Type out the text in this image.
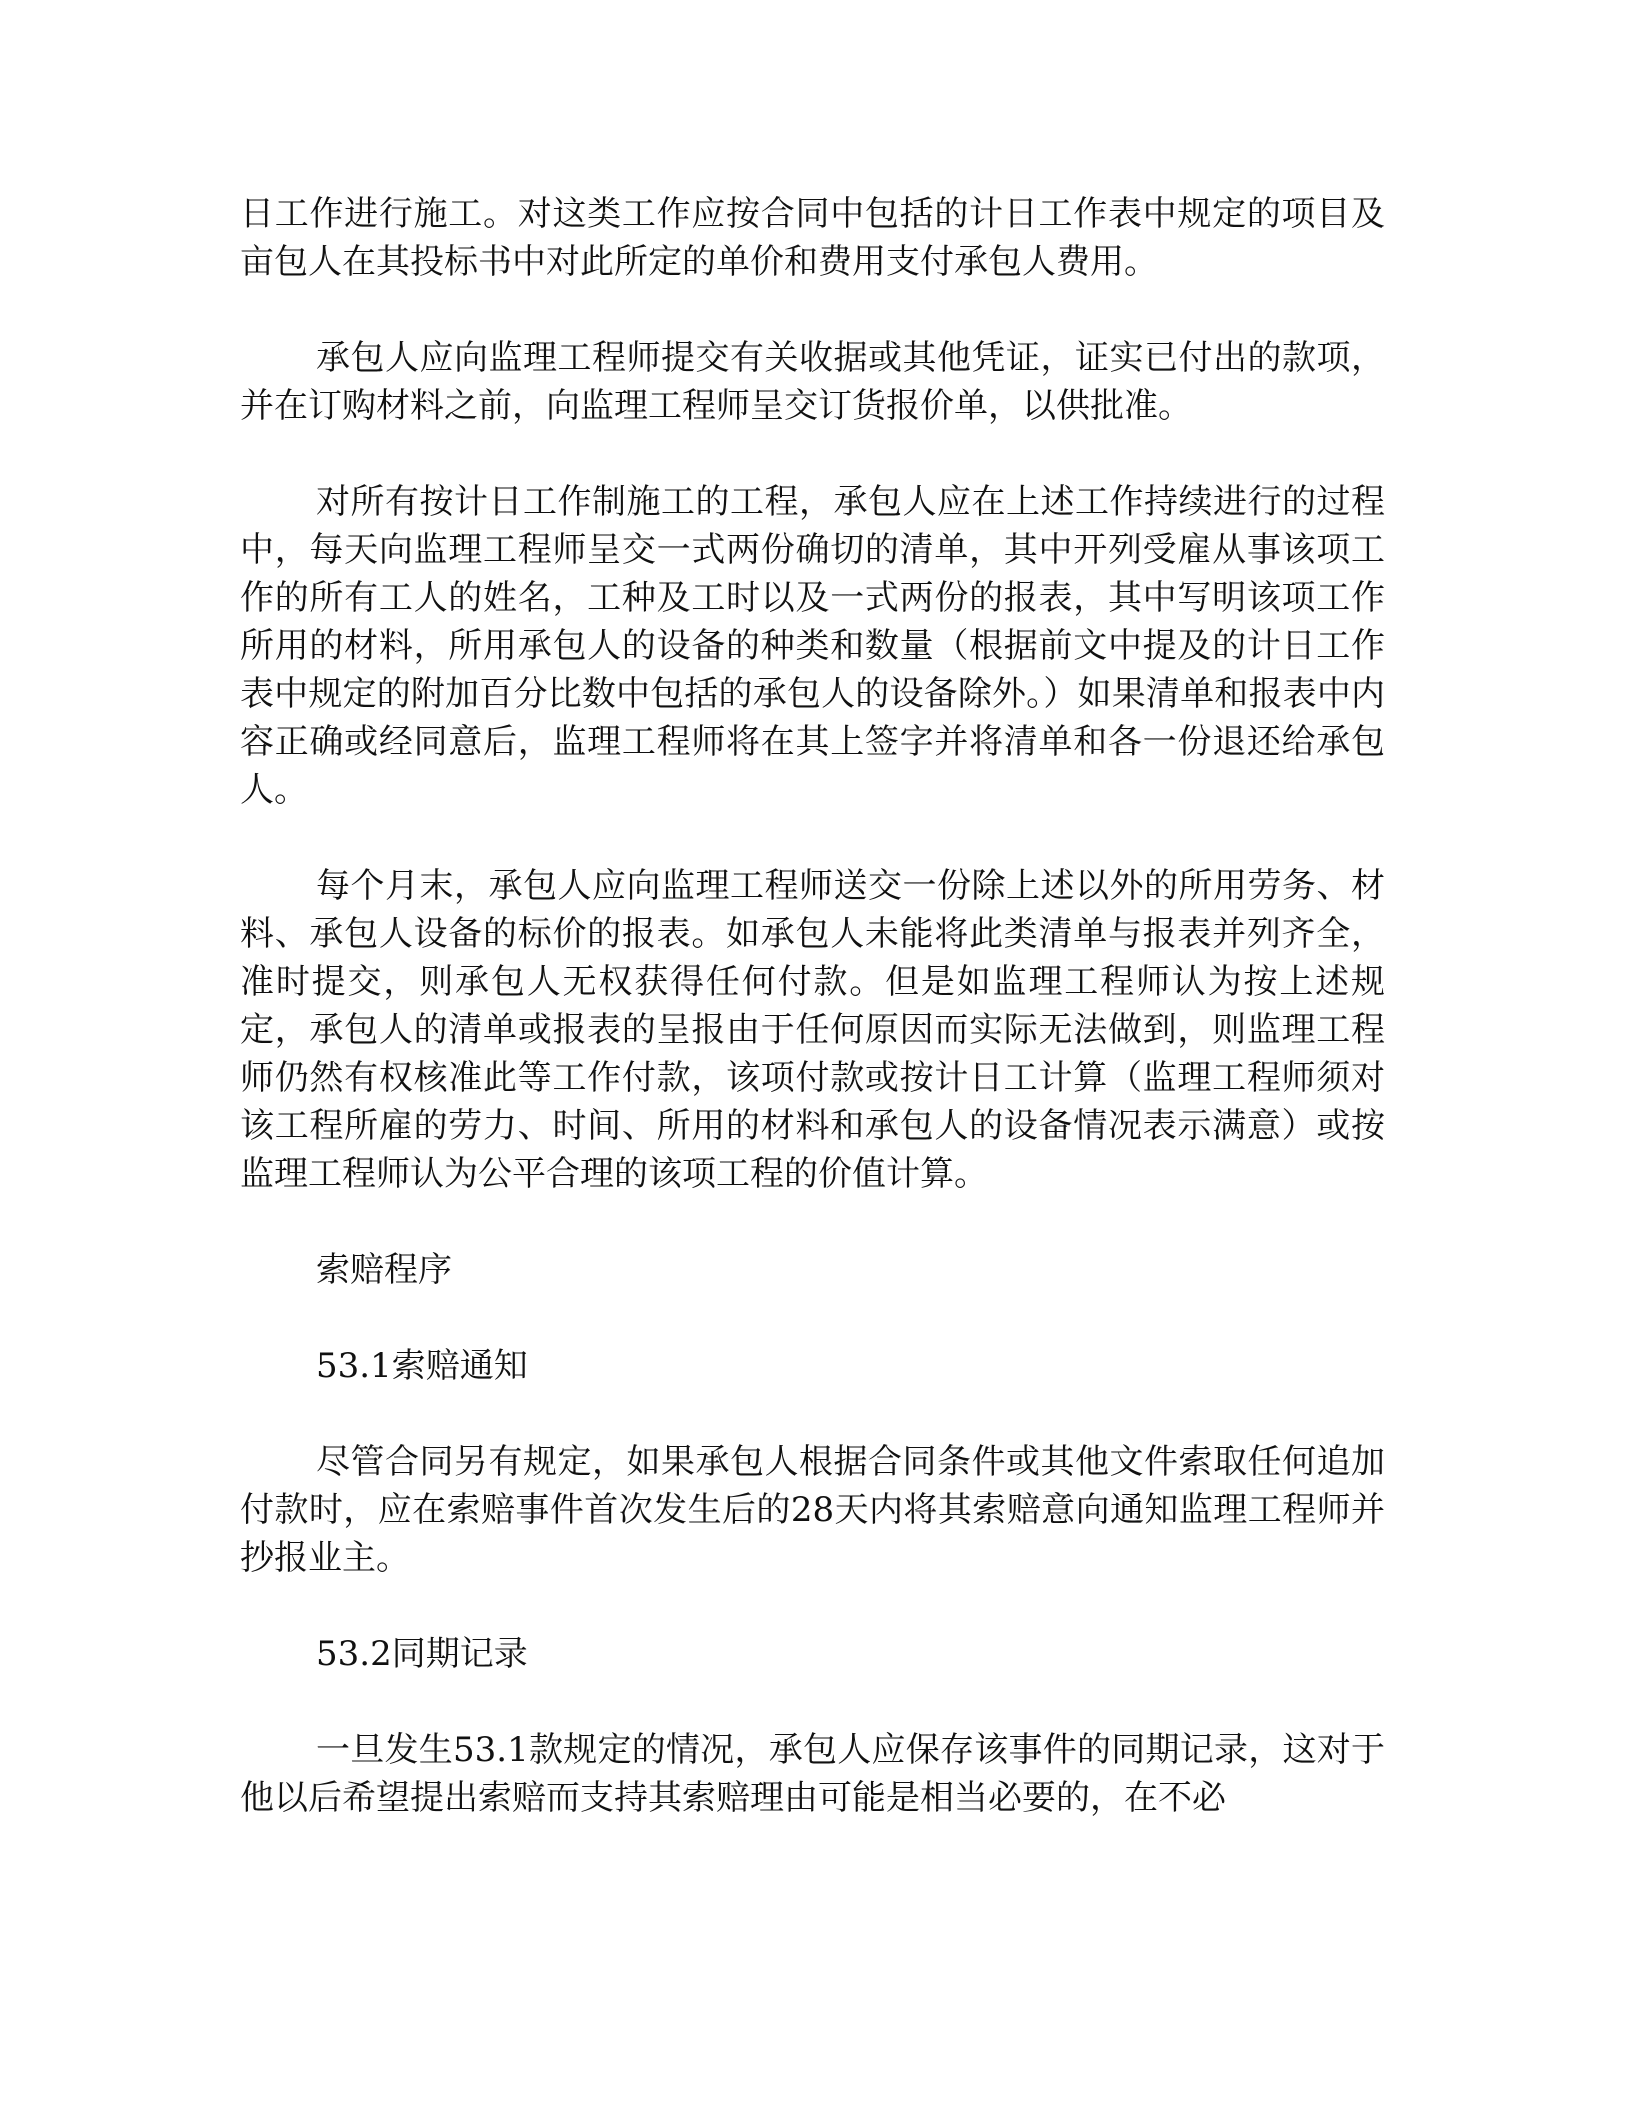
日工作进行施工。对这类工作应按合同中包括的计日工作表中规定的项目及亩包人在其投标书中对此所定的单价和费用支付承包人费用。

承包人应向监理工程师提交有关收据或其他凭证，证实已付出的款项，并在订购材料之前，向监理工程师呈交订货报价单，以供批准。

对所有按计日工作制施工的工程，承包人应在上述工作持续进行的过程中，每天向监理工程师呈交一式两份确切的清单，其中开列受雇从事该项工作的所有工人的姓名，工种及工时以及一式两份的报表，其中写明该项工作所用的材料，所用承包人的设备的种类和数量（根据前文中提及的计日工作表中规定的附加百分比数中包括的承包人的设备除外。）如果清单和报表中内容正确或经同意后，监理工程师将在其上签字并将清单和各一份退还给承包人。

每个月末，承包人应向监理工程师送交一份除上述以外的所用劳务、材料、承包人设备的标价的报表。如承包人未能将此类清单与报表并列齐全，准时提交，则承包人无权获得任何付款。但是如监理工程师认为按上述规定，承包人的清单或报表的呈报由于任何原因而实际无法做到，则监理工程师仍然有权核准此等工作付款，该项付款或按计日工计算（监理工程师须对该工程所雇的劳力、时间、所用的材料和承包人的设备情况表示满意）或按监理工程师认为公平合理的该项工程的价值计算。

索赔程序

53.1索赔通知

尽管合同另有规定，如果承包人根据合同条件或其他文件索取任何追加付款时，应在索赔事件首次发生后的28天内将其索赔意向通知监理工程师并抄报业主。

53.2同期记录

一旦发生53.1款规定的情况，承包人应保存该事件的同期记录，这对于他以后希望提出索赔而支持其索赔理由可能是相当必要的，在不必
